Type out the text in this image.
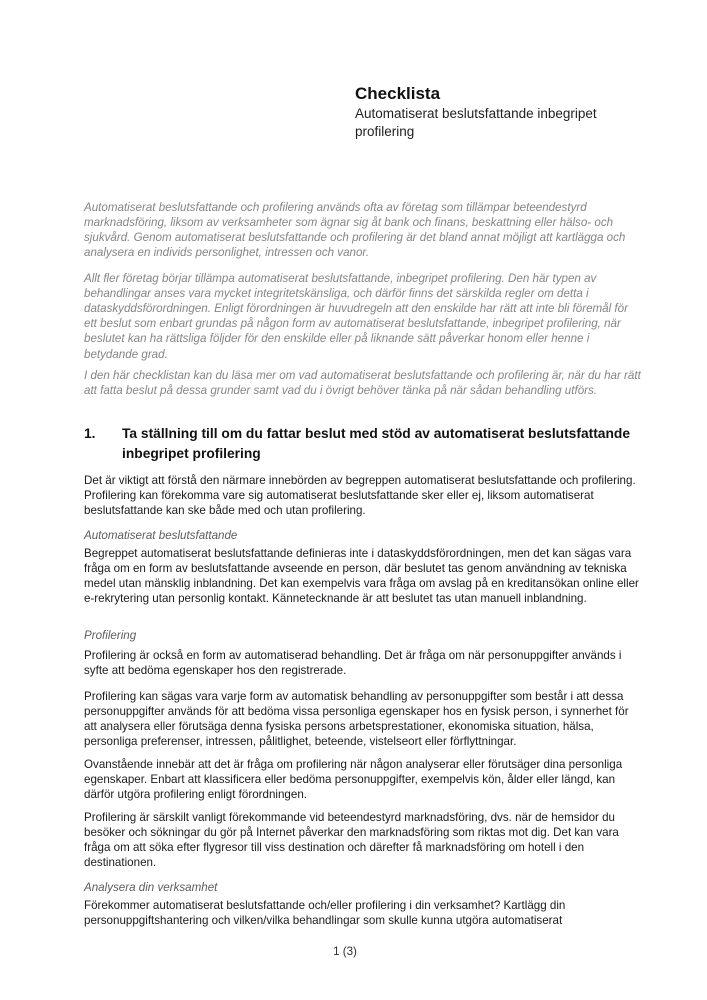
Checklista

Automatiserat beslutsfattande inbegripet profilering

Automatiserat beslutsfattande och profilering används ofta av företag som tillämpar beteendestyrd marknadsföring, liksom av verksamheter som ägnar sig åt bank och finans, beskattning eller hälso- och sjukvård. Genom automatiserat beslutsfattande och profilering är det bland annat möjligt att kartlägga och analysera en individs personlighet, intressen och vanor.

Allt fler företag börjar tillämpa automatiserat beslutsfattande, inbegripet profilering. Den här typen av behandlingar anses vara mycket integritetskänsliga, och därför finns det särskilda regler om detta i dataskyddsförordningen. Enligt förordningen är huvudregeln att den enskilde har rätt att inte bli föremål för ett beslut som enbart grundas på någon form av automatiserat beslutsfattande, inbegripet profilering, när beslutet kan ha rättsliga följder för den enskilde eller på liknande sätt påverkar honom eller henne i betydande grad.

I den här checklistan kan du läsa mer om vad automatiserat beslutsfattande och profilering är, när du har rätt att fatta beslut på dessa grunder samt vad du i övrigt behöver tänka på när sådan behandling utförs.

1. Ta ställning till om du fattar beslut med stöd av automatiserat beslutsfattande inbegripet profilering

Det är viktigt att förstå den närmare innebörden av begreppen automatiserat beslutsfattande och profilering. Profilering kan förekomma vare sig automatiserat beslutsfattande sker eller ej, liksom automatiserat beslutsfattande kan ske både med och utan profilering.

Automatiserat beslutsfattande

Begreppet automatiserat beslutsfattande definieras inte i dataskyddsförordningen, men det kan sägas vara fråga om en form av beslutsfattande avseende en person, där beslutet tas genom användning av tekniska medel utan mänsklig inblandning. Det kan exempelvis vara fråga om avslag på en kreditansökan online eller e-rekrytering utan personlig kontakt. Kännetecknande är att beslutet tas utan manuell inblandning.

Profilering

Profilering är också en form av automatiserad behandling. Det är fråga om när personuppgifter används i syfte att bedöma egenskaper hos den registrerade.

Profilering kan sägas vara varje form av automatisk behandling av personuppgifter som består i att dessa personuppgifter används för att bedöma vissa personliga egenskaper hos en fysisk person, i synnerhet för att analysera eller förutsäga denna fysiska persons arbetsprestationer, ekonomiska situation, hälsa, personliga preferenser, intressen, pålitlighet, beteende, vistelseort eller förflyttningar.

Ovanstående innebär att det är fråga om profilering när någon analyserar eller förutsäger dina personliga egenskaper. Enbart att klassificera eller bedöma personuppgifter, exempelvis kön, ålder eller längd, kan därför utgöra profilering enligt förordningen.

Profilering är särskilt vanligt förekommande vid beteendestyrd marknadsföring, dvs. när de hemsidor du besöker och sökningar du gör på Internet påverkar den marknadsföring som riktas mot dig. Det kan vara fråga om att söka efter flygresor till viss destination och därefter få marknadsföring om hotell i den destinationen.

Analysera din verksamhet

Förekommer automatiserat beslutsfattande och/eller profilering i din verksamhet? Kartlägg din personuppgiftshantering och vilken/vilka behandlingar som skulle kunna utgöra automatiserat

1 (3)
